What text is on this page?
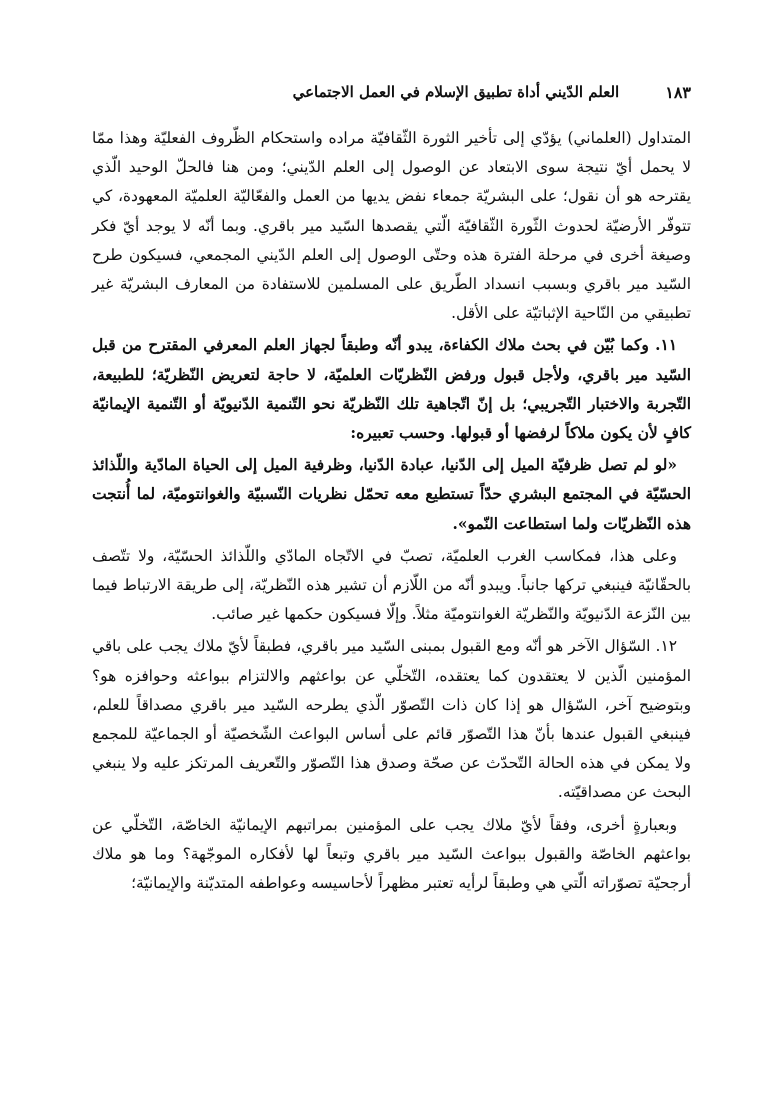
١٨٣
العلم الدّيني أداة تطبيق الإسلام في العمل الاجتماعي

المتداول (العلماني) يؤدّي إلى تأخير الثورة الثّقافيّة مراده واستحكام الظّروف الفعليّة وهذا ممّا لا يحمل أيّ نتيجة سوى الابتعاد عن الوصول إلى العلم الدّيني؛ ومن هنا فالحلّ الوحيد الّذي يقترحه هو أن نقول؛ على البشريّة جمعاء نفض يديها من العمل والفعّاليّة العلميّة المعهودة، كي تتوفّر الأرضيّة لحدوث الثّورة الثّقافيّة الّتي يقصدها السّيد مير باقري. وبما أنّه لا يوجد أيّ فكر وصيغة أخرى في مرحلة الفترة هذه وحتّى الوصول إلى العلم الدّيني المجمعي، فسيكون طرح السّيد مير باقري وبسبب انسداد الطّريق على المسلمين للاستفادة من المعارف البشريّة غير تطبيقي من النّاحية الإثباتيّة على الأقل.

١١. وكما بُيّن في بحث ملاك الكفاءة، يبدو أنّه وطبقاً لجهاز العلم المعرفي المقترح من قبل السّيد مير باقري، ولأجل قبول ورفض النّظريّات العلميّة، لا حاجة لتعريض النّظريّة؛ للطبيعة، التّجربة والاختبار التّجريبي؛ بل إنّ اتّجاهية تلك النّظريّة نحو التّنمية الدّنيويّة أو التّنمية الإيمانيّة كافٍ لأن يكون ملاكاً لرفضها أو قبولها. وحسب تعبيره:

«لو لم تصل ظرفيّة الميل إلى الدّنيا، عبادة الدّنيا، وظرفية الميل إلى الحياة المادّية واللّذائذ الحسّيّة في المجتمع البشري حدّاً تستطيع معه تحمّل نظريات النّسبيّة والغوانتوميّة، لما أُنتجت هذه النّظريّات ولما استطاعت النّمو».

وعلى هذا، فمكاسب الغرب العلميّة، تصبّ في الاتّجاه المادّي واللّذائذ الحسّيّة، ولا تتّصف بالحقّانيّة فينبغي تركها جانباً. ويبدو أنّه من اللّازم أن تشير هذه النّظريّة، إلى طريقة الارتباط فيما بين النّزعة الدّنيويّة والنّظريّة الغوانتوميّة مثلاً. وإلّا فسيكون حكمها غير صائب.

١٢. السّؤال الآخر هو أنّه ومع القبول بمبنى السّيد مير باقري، فطبقاً لأيّ ملاك يجب على باقي المؤمنين الّذين لا يعتقدون كما يعتقده، التّخلّي عن بواعثهم والالتزام ببواعثه وحوافزه هو؟ وبتوضيح آخر، السّؤال هو إذا كان ذات التّصوّر الّذي يطرحه السّيد مير باقري مصداقاً للعلم، فينبغي القبول عندها بأنّ هذا التّصوّر قائم على أساس البواعث الشّخصيّة أو الجماعيّة للمجمع ولا يمكن في هذه الحالة التّحدّث عن صحّة وصدق هذا التّصوّر والتّعريف المرتكز عليه ولا ينبغي البحث عن مصداقيّته.

وبعبارةٍ أخرى، وفقاً لأيّ ملاك يجب على المؤمنين بمراتبهم الإيمانيّة الخاصّة، التّخلّي عن بواعثهم الخاصّة والقبول ببواعث السّيد مير باقري وتبعاً لها لأفكاره الموجّهة؟ وما هو ملاك أرجحيّة تصوّراته الّتي هي وطبقاً لرأيه تعتبر مظهراً لأحاسيسه وعواطفه المتديّنة والإيمانيّة؛
